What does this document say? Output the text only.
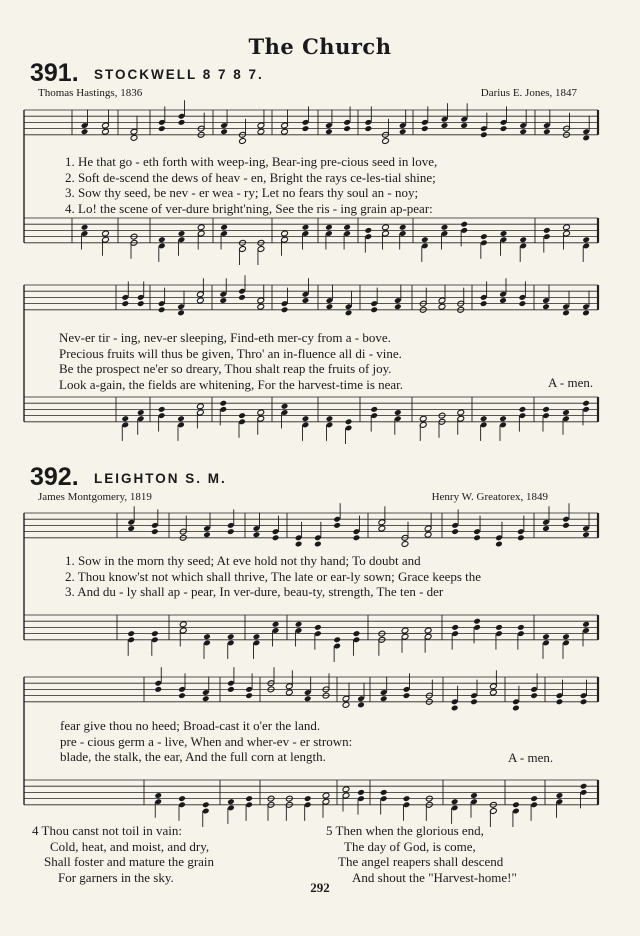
The Church
391. STOCKWELL 8 7 8 7.
Thomas Hastings, 1836	Darius E. Jones, 1847
1. He that go - eth forth with weep-ing, Bear-ing pre-cious seed in love,
2. Soft de-scend the dews of heav - en, Bright the rays ce-les-tial shine;
3. Sow thy seed, be nev - er wea - ry; Let no fears thy soul an - noy;
4. Lo! the scene of ver-dure bright'ning, See the ris - ing grain ap-pear:
Nev-er tir - ing, nev-er sleeping, Find-eth mer-cy from a - bove.
Precious fruits will thus be given, Thro' an in-fluence all di - vine.
Be the prospect ne'er so dreary, Thou shalt reap the fruits of joy.
Look a-gain, the fields are whitening, For the harvest-time is near.	A - men.
392. LEIGHTON S. M.
James Montgomery, 1819	Henry W. Greatorex, 1849
1. Sow in the morn thy seed; At eve hold not thy hand; To doubt and
2. Thou know'st not which shall thrive, The late or ear-ly sown; Grace keeps the
3. And du - ly shall ap - pear, In ver-dure, beau-ty, strength, The ten - der
fear give thou no heed; Broad-cast it o'er the land.
pre - cious germ a - live, When and wher-ev - er strown:
blade, the stalk, the ear, And the full corn at length.	A - men.
4 Thou canst not toil in vain:
Cold, heat, and moist, and dry,
Shall foster and mature the grain
For garners in the sky.
5 Then when the glorious end,
The day of God, is come,
The angel reapers shall descend
And shout the "Harvest-home!"
292
